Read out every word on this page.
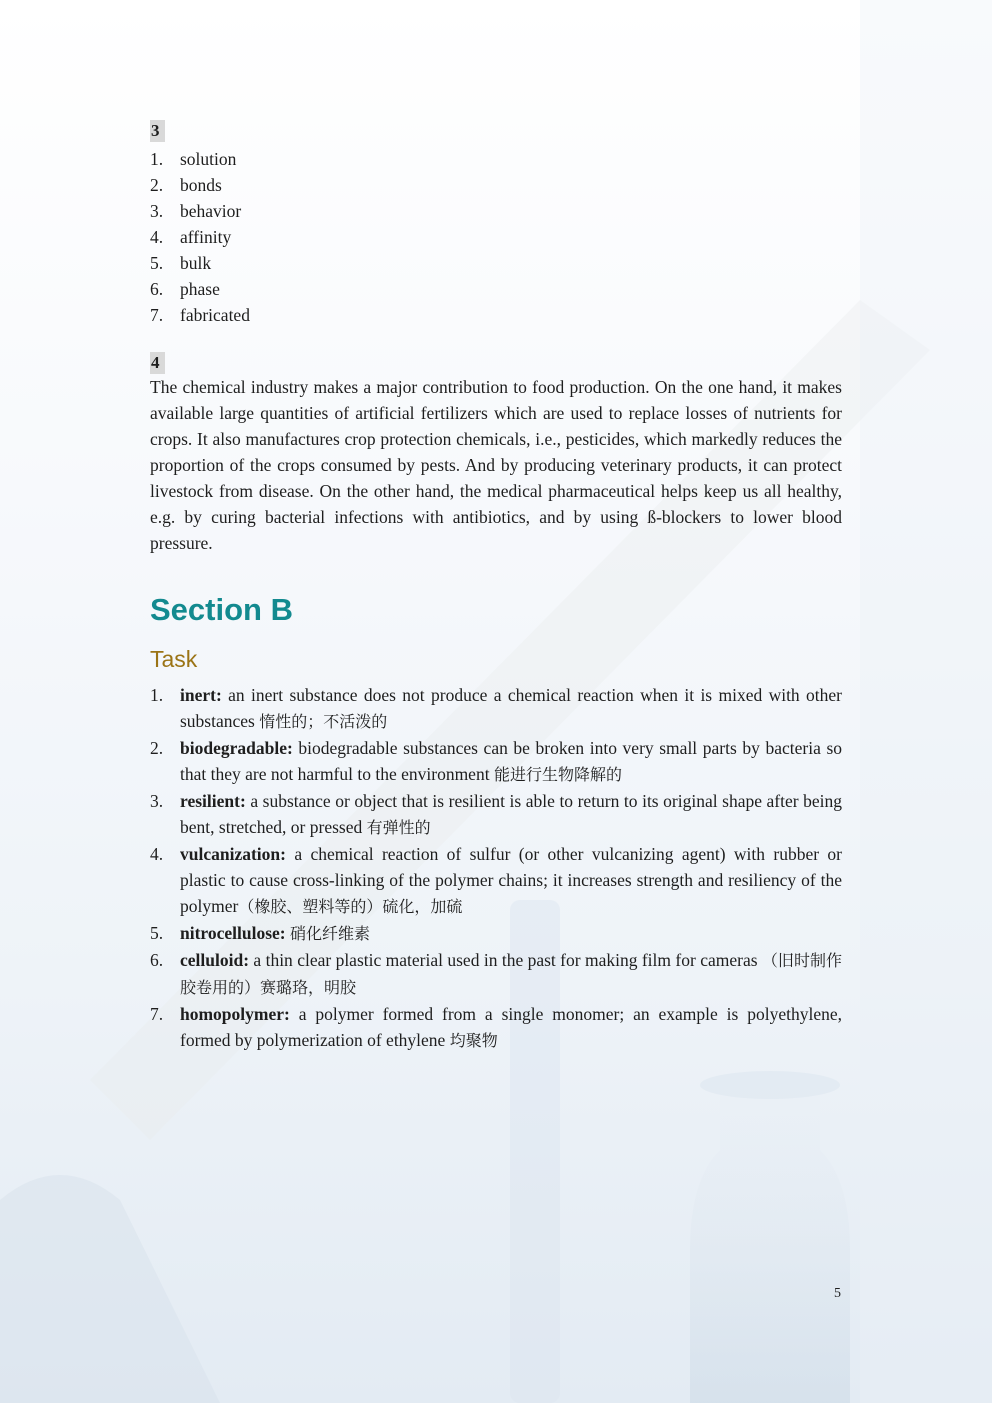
3
1. solution
2. bonds
3. behavior
4. affinity
5. bulk
6. phase
7. fabricated
4

The chemical industry makes a major contribution to food production. On the one hand, it makes available large quantities of artificial fertilizers which are used to replace losses of nutrients for crops. It also manufactures crop protection chemicals, i.e., pesticides, which markedly reduces the proportion of the crops consumed by pests. And by producing veterinary products, it can protect livestock from disease. On the other hand, the medical pharmaceutical helps keep us all healthy, e.g. by curing bacterial infections with antibiotics, and by using ß-blockers to lower blood pressure.

Section B
Task
1. inert: an inert substance does not produce a chemical reaction when it is mixed with other substances 惰性的；不活泼的
2. biodegradable: biodegradable substances can be broken into very small parts by bacteria so that they are not harmful to the environment 能进行生物降解的
3. resilient: a substance or object that is resilient is able to return to its original shape after being bent, stretched, or pressed 有弹性的
4. vulcanization: a chemical reaction of sulfur (or other vulcanizing agent) with rubber or plastic to cause cross-linking of the polymer chains; it increases strength and resiliency of the polymer（橡胶、塑料等的）硫化，加硫
5. nitrocellulose: 硝化纤维素
6. celluloid: a thin clear plastic material used in the past for making film for cameras （旧时制作胶卷用的）赛璐珞，明胶
7. homopolymer: a polymer formed from a single monomer; an example is polyethylene, formed by polymerization of ethylene 均聚物
5
